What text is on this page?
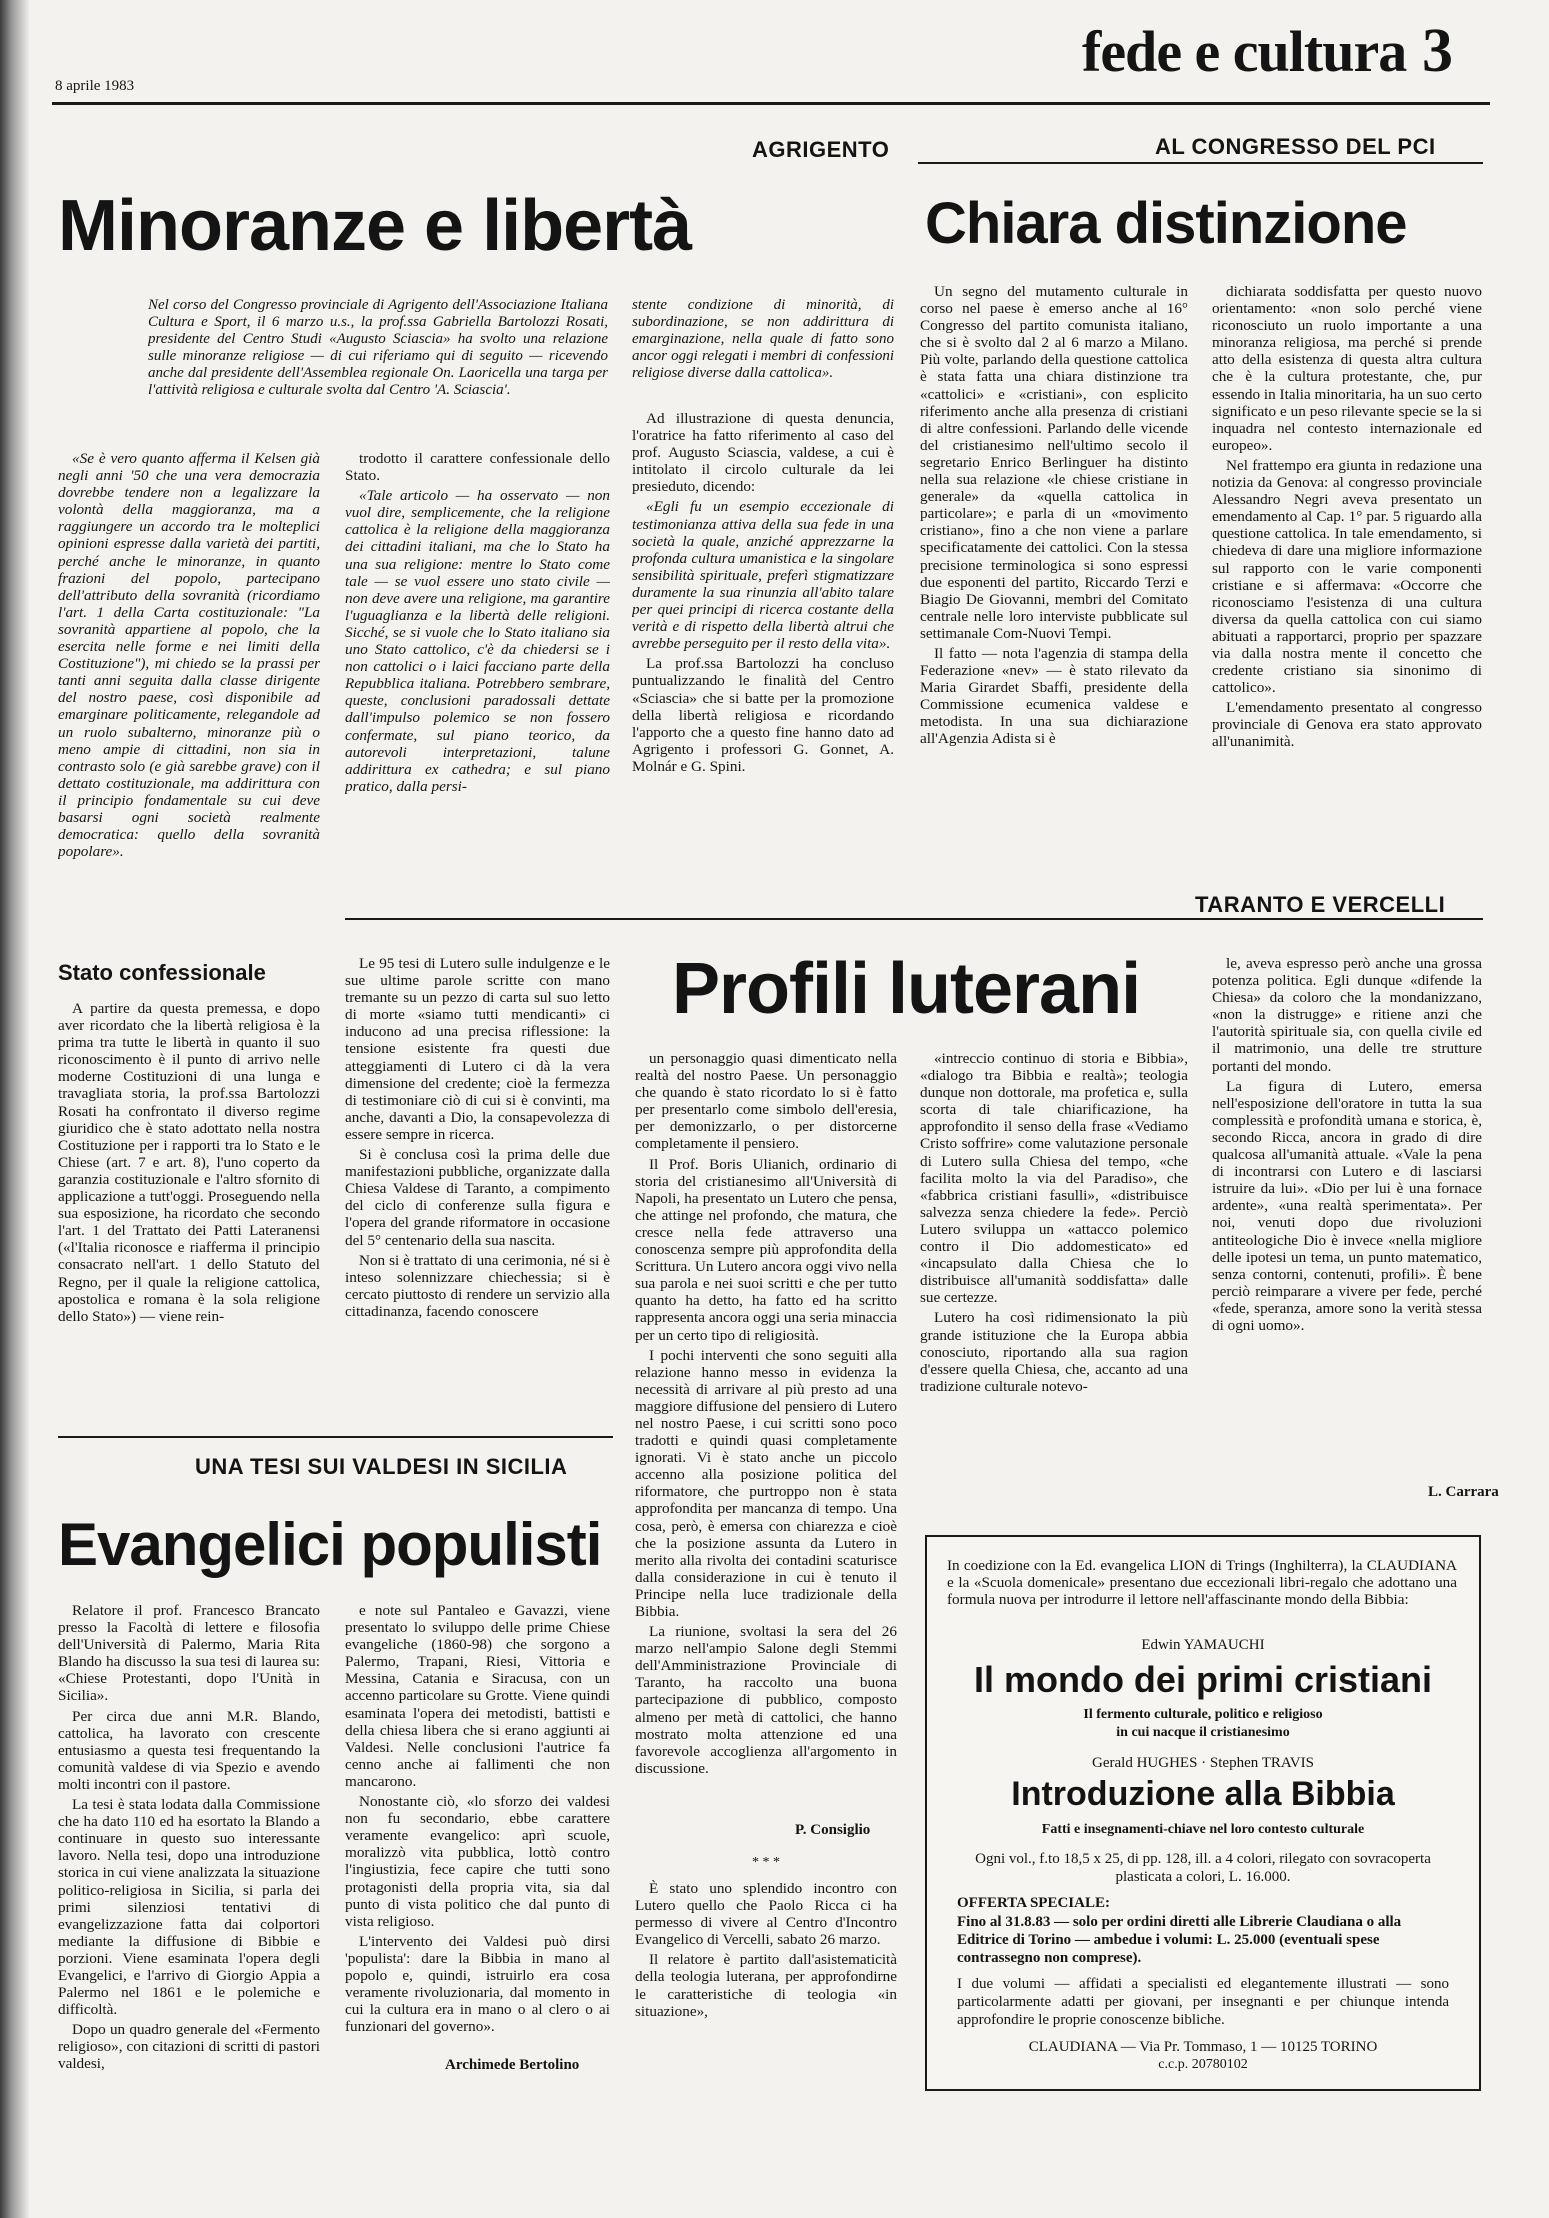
8 aprile 1983
fede e cultura 3
AGRIGENTO
Minoranze e libertà
Nel corso del Congresso provinciale di Agrigento dell'Associazione Italiana Cultura e Sport, il 6 marzo u.s., la prof.ssa Gabriella Bartolozzi Rosati, presidente del Centro Studi «Augusto Sciascia» ha svolto una relazione sulle minoranze religiose — di cui riferiamo qui di seguito — ricevendo anche dal presidente dell'Assemblea regionale On. Laoricella una targa per l'attività religiosa e culturale svolta dal Centro 'A. Sciascia'.
stente condizione di minorità, di subordinazione, se non addirittura di emarginazione, nella quale di fatto sono ancor oggi relegati i membri di confessioni religiose diverse dalla cattolica».

«Se è vero quanto afferma il Kelsen già negli anni '50 che una vera democrazia dovrebbe tendere non a legalizzare la volontà della maggioranza, ma a raggiungere un accordo tra le molteplici opinioni espresse dalla varietà dei partiti, perché anche le minoranze, in quanto frazioni del popolo, partecipano dell'attributo della sovranità (ricordiamo l'art. 1 della Carta costituzionale: "La sovranità appartiene al popolo, che la esercita nelle forme e nei limiti della Costituzione"), mi chiedo se la prassi per tanti anni seguita dalla classe dirigente del nostro paese, così disponibile ad emarginare politicamente, relegandole ad un ruolo subalterno, minoranze più o meno ampie di cittadini, non sia in contrasto solo (e già sarebbe grave) con il dettato costituzionale, ma addirittura con il principio fondamentale su cui deve basarsi ogni società realmente democratica: quello della sovranità popolare».

trodotto il carattere confessionale dello Stato.

«Tale articolo — ha osservato — non vuol dire, semplicemente, che la religione cattolica è la religione della maggioranza dei cittadini italiani, ma che lo Stato ha una sua religione: mentre lo Stato come tale — se vuol essere uno stato civile — non deve avere una religione, ma garantire l'uguaglianza e la libertà delle religioni. Sicché, se si vuole che lo Stato italiano sia uno Stato cattolico, c'è da chiedersi se i non cattolici o i laici facciano parte della Repubblica italiana. Potrebbero sembrare, queste, conclusioni paradossali dettate dall'impulso polemico se non fossero confermate, sul piano teorico, da autorevoli interpretazioni, talune addirittura ex cathedra; e sul piano pratico, dalla persi-

Ad illustrazione di questa denuncia, l'oratrice ha fatto riferimento al caso del prof. Augusto Sciascia, valdese, a cui è intitolato il circolo culturale da lei presieduto, dicendo:

«Egli fu un esempio eccezionale di testimonianza attiva della sua fede in una società la quale, anziché apprezzarne la profonda cultura umanistica e la singolare sensibilità spirituale, preferì stigmatizzare duramente la sua rinunzia all'abito talare per quei principi di ricerca costante della verità e di rispetto della libertà altrui che avrebbe perseguito per il resto della vita».

La prof.ssa Bartolozzi ha concluso puntualizzando le finalità del Centro «Sciascia» che si batte per la promozione della libertà religiosa e ricordando l'apporto che a questo fine hanno dato ad Agrigento i professori G. Gonnet, A. Molnár e G. Spini.

Stato confessionale

A partire da questa premessa, e dopo aver ricordato che la libertà religiosa è la prima tra tutte le libertà in quanto il suo riconoscimento è il punto di arrivo nelle moderne Costituzioni di una lunga e travagliata storia, la prof.ssa Bartolozzi Rosati ha confrontato il diverso regime giuridico che è stato adottato nella nostra Costituzione per i rapporti tra lo Stato e le Chiese (art. 7 e art. 8), l'uno coperto da garanzia costituzionale e l'altro sfornito di applicazione a tutt'oggi. Proseguendo nella sua esposizione, ha ricordato che secondo l'art. 1 del Trattato dei Patti Lateranensi («l'Italia riconosce e riafferma il principio consacrato nell'art. 1 dello Statuto del Regno, per il quale la religione cattolica, apostolica e romana è la sola religione dello Stato») — viene rein-

AL CONGRESSO DEL PCI
Chiara distinzione

Un segno del mutamento culturale in corso nel paese è emerso anche al 16° Congresso del partito comunista italiano, che si è svolto dal 2 al 6 marzo a Milano. Più volte, parlando della questione cattolica è stata fatta una chiara distinzione tra «cattolici» e «cristiani», con esplicito riferimento anche alla presenza di cristiani di altre confessioni. Parlando delle vicende del cristianesimo nell'ultimo secolo il segretario Enrico Berlinguer ha distinto nella sua relazione «le chiese cristiane in generale» da «quella cattolica in particolare»; e parla di un «movimento cristiano», fino a che non viene a parlare specificatamente dei cattolici. Con la stessa precisione terminologica si sono espressi due esponenti del partito, Riccardo Terzi e Biagio De Giovanni, membri del Comitato centrale nelle loro interviste pubblicate sul settimanale Com-Nuovi Tempi.

Il fatto — nota l'agenzia di stampa della Federazione «nev» — è stato rilevato da Maria Girardet Sbaffi, presidente della Commissione ecumenica valdese e metodista. In una sua dichiarazione all'Agenzia Adista si è

dichiarata soddisfatta per questo nuovo orientamento: «non solo perché viene riconosciuto un ruolo importante a una minoranza religiosa, ma perché si prende atto della esistenza di questa altra cultura che è la cultura protestante, che, pur essendo in Italia minoritaria, ha un suo certo significato e un peso rilevante specie se la si inquadra nel contesto internazionale ed europeo».

Nel frattempo era giunta in redazione una notizia da Genova: al congresso provinciale Alessandro Negri aveva presentato un emendamento al Cap. 1° par. 5 riguardo alla questione cattolica. In tale emendamento, si chiedeva di dare una migliore informazione sul rapporto con le varie componenti cristiane e si affermava: «Occorre che riconosciamo l'esistenza di una cultura diversa da quella cattolica con cui siamo abituati a rapportarci, proprio per spazzare via dalla nostra mente il concetto che credente cristiano sia sinonimo di cattolico».

L'emendamento presentato al congresso provinciale di Genova era stato approvato all'unanimità.

TARANTO E VERCELLI
Profili luterani

Le 95 tesi di Lutero sulle indulgenze e le sue ultime parole scritte con mano tremante su un pezzo di carta sul suo letto di morte «siamo tutti mendicanti» ci inducono ad una precisa riflessione: la tensione esistente fra questi due atteggiamenti di Lutero ci dà la vera dimensione del credente; cioè la fermezza di testimoniare ciò di cui si è convinti, ma anche, davanti a Dio, la consapevolezza di essere sempre in ricerca.

Si è conclusa così la prima delle due manifestazioni pubbliche, organizzate dalla Chiesa Valdese di Taranto, a compimento del ciclo di conferenze sulla figura e l'opera del grande riformatore in occasione del 5° centenario della sua nascita.

Non si è trattato di una cerimonia, né si è inteso solennizzare chiechessia; si è cercato piuttosto di rendere un servizio alla cittadinanza, facendo conoscere

un personaggio quasi dimenticato nella realtà del nostro Paese. Un personaggio che quando è stato ricordato lo si è fatto per presentarlo come simbolo dell'eresia, per demonizzarlo, o per distorcerne completamente il pensiero.

Il Prof. Boris Ulianich, ordinario di storia del cristianesimo all'Università di Napoli, ha presentato un Lutero che pensa, che attinge nel profondo, che matura, che cresce nella fede attraverso una conoscenza sempre più approfondita della Scrittura. Un Lutero ancora oggi vivo nella sua parola e nei suoi scritti e che per tutto quanto ha detto, ha fatto ed ha scritto rappresenta ancora oggi una seria minaccia per un certo tipo di religiosità.

I pochi interventi che sono seguiti alla relazione hanno messo in evidenza la necessità di arrivare al più presto ad una maggiore diffusione del pensiero di Lutero nel nostro Paese, i cui scritti sono poco tradotti e quindi quasi completamente ignorati. Vi è stato anche un piccolo accenno alla posizione politica del riformatore, che purtroppo non è stata approfondita per mancanza di tempo. Una cosa, però, è emersa con chiarezza e cioè che la posizione assunta da Lutero in merito alla rivolta dei contadini scaturisce dalla considerazione in cui è tenuto il Principe nella luce tradizionale della Bibbia.

La riunione, svoltasi la sera del 26 marzo nell'ampio Salone degli Stemmi dell'Amministrazione Provinciale di Taranto, ha raccolto una buona partecipazione di pubblico, composto almeno per metà di cattolici, che hanno mostrato molta attenzione ed una favorevole accoglienza all'argomento in discussione.

P. Consiglio
* * *

È stato uno splendido incontro con Lutero quello che Paolo Ricca ci ha permesso di vivere al Centro d'Incontro Evangelico di Vercelli, sabato 26 marzo.

Il relatore è partito dall'asistematicità della teologia luterana, per approfondirne le caratteristiche di teologia «in situazione»,

«intreccio continuo di storia e Bibbia», «dialogo tra Bibbia e realtà»; teologia dunque non dottorale, ma profetica e, sulla scorta di tale chiarificazione, ha approfondito il senso della frase «Vediamo Cristo soffrire» come valutazione personale di Lutero sulla Chiesa del tempo, «che facilita molto la via del Paradiso», che «fabbrica cristiani fasulli», «distribuisce salvezza senza chiedere la fede». Perciò Lutero sviluppa un «attacco polemico contro il Dio addomesticato» ed «incapsulato dalla Chiesa che lo distribuisce all'umanità soddisfatta» dalle sue certezze.

Lutero ha così ridimensionato la più grande istituzione che la Europa abbia conosciuto, riportando alla sua ragion d'essere quella Chiesa, che, accanto ad una tradizione culturale notevo-

le, aveva espresso però anche una grossa potenza politica. Egli dunque «difende la Chiesa» da coloro che la mondanizzano, «non la distrugge» e ritiene anzi che l'autorità spirituale sia, con quella civile ed il matrimonio, una delle tre strutture portanti del mondo.

La figura di Lutero, emersa nell'esposizione dell'oratore in tutta la sua complessità e profondità umana e storica, è, secondo Ricca, ancora in grado di dire qualcosa all'umanità attuale. «Vale la pena di incontrarsi con Lutero e di lasciarsi istruire da lui». «Dio per lui è una fornace ardente», «una realtà sperimentata». Per noi, venuti dopo due rivoluzioni antiteologiche Dio è invece «nella migliore delle ipotesi un tema, un punto matematico, senza contorni, contenuti, profili». È bene perciò reimparare a vivere per fede, perché «fede, speranza, amore sono la verità stessa di ogni uomo».

L. Carrara
UNA TESI SUI VALDESI IN SICILIA
Evangelici populisti

Relatore il prof. Francesco Brancato presso la Facoltà di lettere e filosofia dell'Università di Palermo, Maria Rita Blando ha discusso la sua tesi di laurea su: «Chiese Protestanti, dopo l'Unità in Sicilia».

Per circa due anni M.R. Blando, cattolica, ha lavorato con crescente entusiasmo a questa tesi frequentando la comunità valdese di via Spezio e avendo molti incontri con il pastore.

La tesi è stata lodata dalla Commissione che ha dato 110 ed ha esortato la Blando a continuare in questo suo interessante lavoro. Nella tesi, dopo una introduzione storica in cui viene analizzata la situazione politico-religiosa in Sicilia, si parla dei primi silenziosi tentativi di evangelizzazione fatta dai colportori mediante la diffusione di Bibbie e porzioni. Viene esaminata l'opera degli Evangelici, e l'arrivo di Giorgio Appia a Palermo nel 1861 e le polemiche e difficoltà.

Dopo un quadro generale del «Fermento religioso», con citazioni di scritti di pastori valdesi,

e note sul Pantaleo e Gavazzi, viene presentato lo sviluppo delle prime Chiese evangeliche (1860-98) che sorgono a Palermo, Trapani, Riesi, Vittoria e Messina, Catania e Siracusa, con un accenno particolare su Grotte. Viene quindi esaminata l'opera dei metodisti, battisti e della chiesa libera che si erano aggiunti ai Valdesi. Nelle conclusioni l'autrice fa cenno anche ai fallimenti che non mancarono.

Nonostante ciò, «lo sforzo dei valdesi non fu secondario, ebbe carattere veramente evangelico: aprì scuole, moralizzò vita pubblica, lottò contro l'ingiustizia, fece capire che tutti sono protagonisti della propria vita, sia dal punto di vista politico che dal punto di vista religioso.

L'intervento dei Valdesi può dirsi 'populista': dare la Bibbia in mano al popolo e, quindi, istruirlo era cosa veramente rivoluzionaria, dal momento in cui la cultura era in mano o al clero o ai funzionari del governo».

Archimede Bertolino
In coedizione con la Ed. evangelica LION di Trings (Inghilterra), la CLAUDIANA e la «Scuola domenicale» presentano due eccezionali libri-regalo che adottano una formula nuova per introdurre il lettore nell'affascinante mondo della Bibbia:
Edwin YAMAUCHI
Il mondo dei primi cristiani
Il fermento culturale, politico e religioso
in cui nacque il cristianesimo
Gerald HUGHES · Stephen TRAVIS
Introduzione alla Bibbia
Fatti e insegnamenti-chiave nel loro contesto culturale
Ogni vol., f.to 18,5 x 25, di pp. 128, ill. a 4 colori, rilegato con sovracoperta plasticata a colori, L. 16.000.
OFFERTA SPECIALE:
Fino al 31.8.83 — solo per ordini diretti alle Librerie Claudiana o alla Editrice di Torino — ambedue i volumi: L. 25.000 (eventuali spese contrassegno non comprese).
I due volumi — affidati a specialisti ed elegantemente illustrati — sono particolarmente adatti per giovani, per insegnanti e per chiunque intenda approfondire le proprie conoscenze bibliche.
CLAUDIANA — Via Pr. Tommaso, 1 — 10125 TORINO
c.c.p. 20780102
